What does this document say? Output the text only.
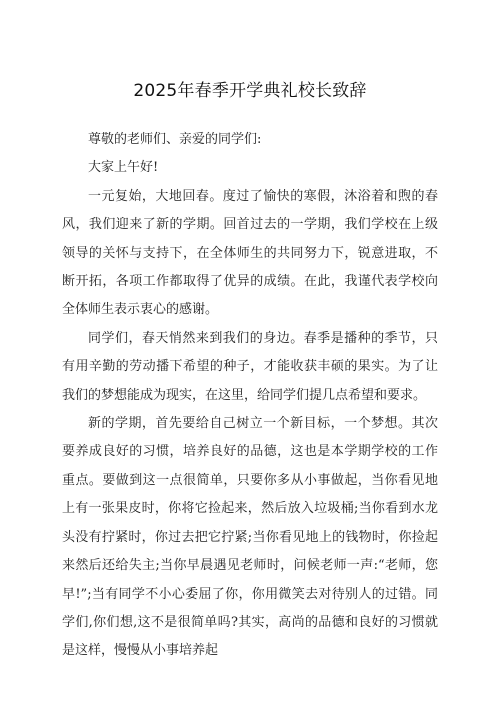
2025年春季开学典礼校长致辞

尊敬的老师们、亲爱的同学们:

大家上午好!

一元复始，大地回春。度过了愉快的寒假，沐浴着和煦的春风，我们迎来了新的学期。回首过去的一学期，我们学校在上级领导的关怀与支持下，在全体师生的共同努力下，锐意进取，不断开拓，各项工作都取得了优异的成绩。在此，我谨代表学校向全体师生表示衷心的感谢。

同学们，春天悄然来到我们的身边。春季是播种的季节，只有用辛勤的劳动播下希望的种子，才能收获丰硕的果实。为了让我们的梦想能成为现实，在这里，给同学们提几点希望和要求。

新的学期，首先要给自己树立一个新目标，一个梦想。其次要养成良好的习惯，培养良好的品德，这也是本学期学校的工作重点。要做到这一点很简单，只要你多从小事做起，当你看见地上有一张果皮时，你将它捡起来，然后放入垃圾桶;当你看到水龙头没有拧紧时，你过去把它拧紧;当你看见地上的钱物时，你捡起来然后还给失主;当你早晨遇见老师时，问候老师一声:“老师，您早!”;当有同学不小心委屈了你，你用微笑去对待别人的过错。同学们,你们想,这不是很简单吗?其实，高尚的品德和良好的习惯就是这样，慢慢从小事培养起
